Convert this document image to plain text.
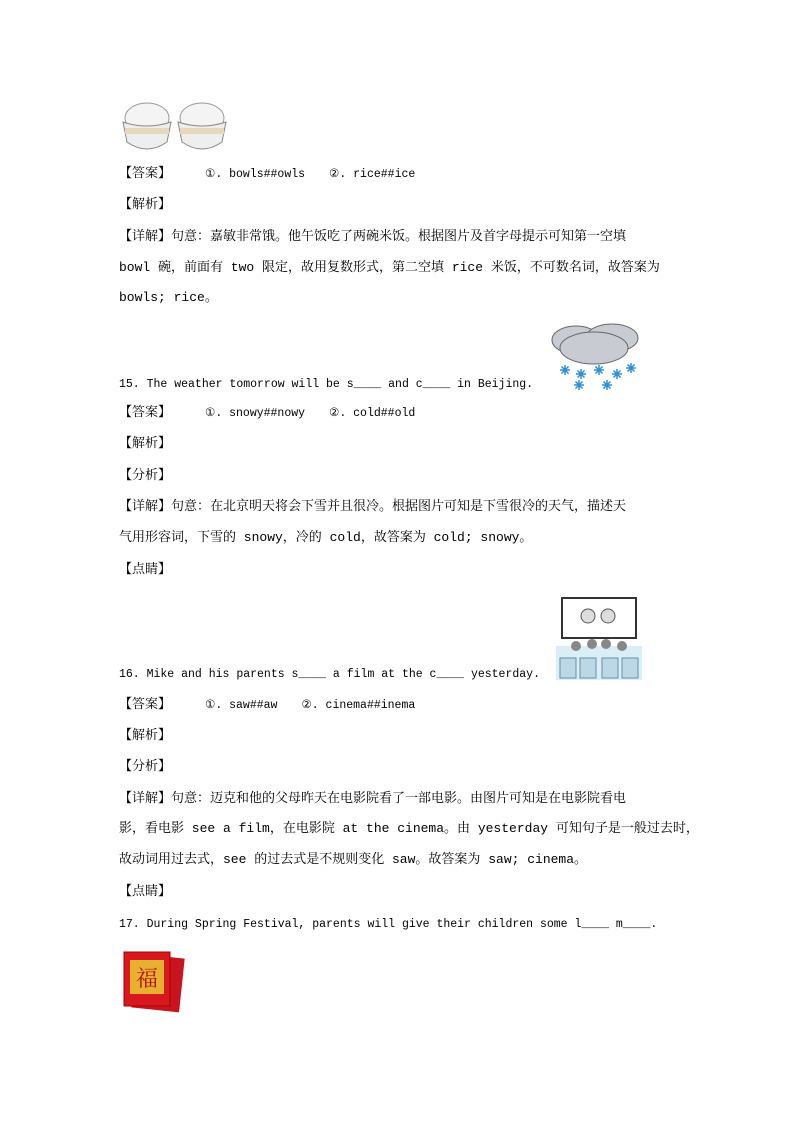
【答案】	①. bowls##owls ②. rice##ice
【解析】
【详解】句意：嘉敏非常饿。他午饭吃了两碗米饭。根据图片及首字母提示可知第一空填
bowl 碗，前面有 two 限定，故用复数形式，第二空填 rice 米饭，不可数名词，故答案为
bowls; rice。
15. The weather tomorrow will be s____ and c____ in Beijing.
【答案】	①. snowy##nowy ②. cold##old
【解析】
【分析】
【详解】句意：在北京明天将会下雪并且很冷。根据图片可知是下雪很冷的天气，描述天
气用形容词，下雪的 snowy，冷的 cold，故答案为 cold; snowy。
【点睛】
16. Mike and his parents s____ a film at the c____ yesterday.
【答案】	①. saw##aw ②. cinema##inema
【解析】
【分析】
【详解】句意：迈克和他的父母昨天在电影院看了一部电影。由图片可知是在电影院看电
影，看电影 see a film，在电影院 at the cinema。由 yesterday 可知句子是一般过去时，
故动词用过去式，see 的过去式是不规则变化 saw。故答案为 saw; cinema。
【点睛】
17. During Spring Festival, parents will give their children some l____ m____.
福
